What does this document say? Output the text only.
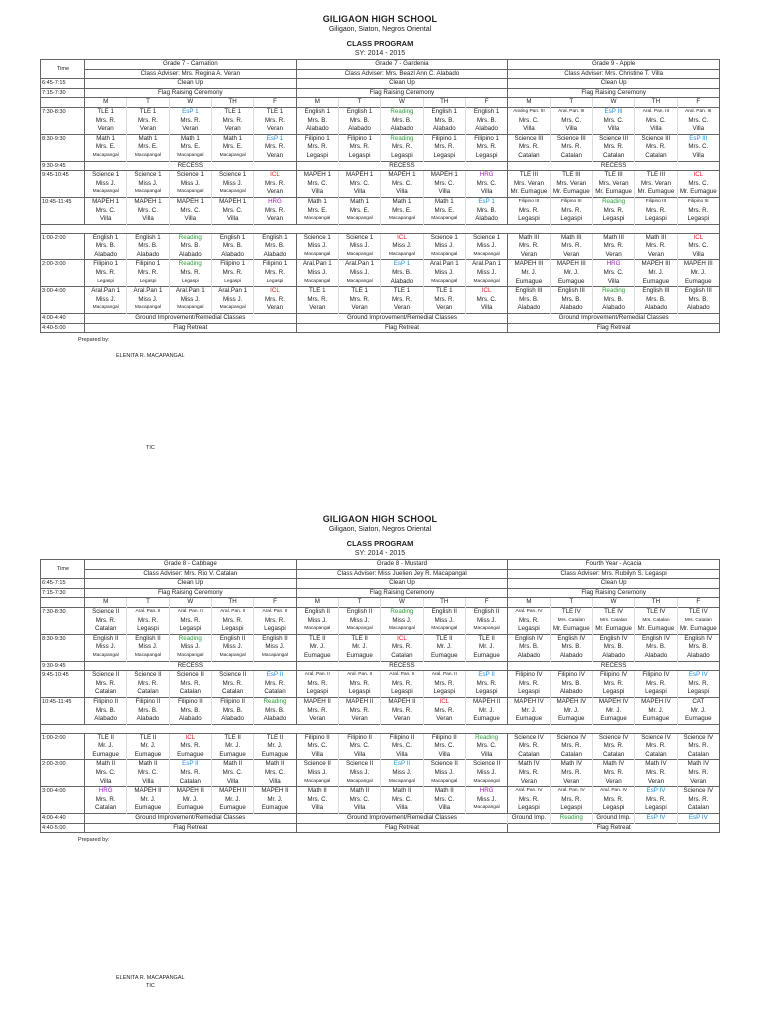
GILIGAON HIGH SCHOOL
Giligaon, Siaton, Negros Oriental
CLASS PROGRAM
SY: 2014 - 2015
Time	Grade 7 - Carnation					Grade 7 - Gardenia					Grade 9 - Apple				
	Class Adviser: Mrs. Regina A. Veran					Class Adviser: Mrs. Beazl Ann C. Alabado					Class Adviser: Mrs. Christine T. Villa				
6:45-7:15	Clean Up					Clean Up					Clean Up				
7:15-7:30	Flag Raising Ceremony					Flag Raising Ceremony					Flag Raising Ceremony				
	M	T	W	TH	F	M	T	W	TH	F	M	T	W	TH	F
7:30-8:30	TLE 1	TLE 1	EsP 1	TLE 1	TLE 1	English 1	English 1	Reading	English 1	English 1	Araling Pan. III	Aral. Pan. III	EsP III	Aral. Pan. III	Aral. Pan. III
	Mrs. R.	Mrs. R.	Mrs. R.	Mrs. R.	Mrs. R.	Mrs. B.	Mrs. B.	Mrs. B.	Mrs. B.	Mrs. B.	Mrs. C.	Mrs. C.	Mrs. C.	Mrs. C.	Mrs. C.
	Veran	Veran	Veran	Veran	Veran	Alabado	Alabado	Alabado	Alabado	Alabado	Villa	Villa	Villa	Villa	Villa
8:30-9:30	Math 1	Math 1	Math 1	Math 1	EsP 1	Filipino 1	Filipino 1	Reading	Filipino 1	Filipino 1	Science III	Science III	Science III	Science III	EsP III
	Mrs. E.	Mrs. E.	Mrs. E.	Mrs. E.	Mrs. R.	Mrs. R.	Mrs. R.	Mrs. R.	Mrs. R.	Mrs. R.	Mrs. R.	Mrs. R.	Mrs. R.	Mrs. R.	Mrs. C.
	Macapangal	Macapangal	Macapangal	Macapangal	Veran	Legaspi	Legaspi	Legaspi	Legaspi	Legaspi	Catalan	Catalan	Catalan	Catalan	Villa
9:30-9:45	RECESS					RECESS					RECESS				
9:45-10:45	Science 1	Science 1	Science 1	Science 1	ICL	MAPEH 1	MAPEH 1	MAPEH 1	MAPEH 1	HRG	TLE III	TLE III	TLE III	TLE III	ICL
	Miss J.	Miss J.	Miss J.	Miss J.	Mrs. R.	Mrs. C.	Mrs. C.	Mrs. C.	Mrs. C.	Mrs. C.	Mrs. Veran	Mrs. Veran	Mrs. Veran	Mrs. Veran	Mrs. C.
	Macapangal	Macapangal	Macapangal	Macapangal	Veran	Villa	Villa	Villa	Villa	Villa	Mr. Eumague	Mr. Eumague	Mr. Eumague	Mr. Eumague	Mr. Eumague
10:45-11:45	MAPEH 1	MAPEH 1	MAPEH 1	MAPEH 1	HRG	Math 1	Math 1	Math 1	Math 1	EsP 1	Filipino III	Filipino III	Reading	Filipino III	Filipino III
	Mrs. C.	Mrs. C.	Mrs. C.	Mrs. C.	Mrs. R.	Mrs. E.	Mrs. E.	Mrs. E.	Mrs. E.	Mrs. B.	Mrs. R.	Mrs. R.	Mrs. R.	Mrs. R.	Mrs. R.
	Villa	Villa	Villa	Villa	Veran	Macapangal	Macapangal	Macapangal	Macapangal	Alabado	Legaspi	Legaspi	Legaspi	Legaspi	Legaspi

1:00-2:00	English 1	English 1	Reading	English 1	English 1	Science 1	Science 1	ICL	Science 1	Science 1	Math III	Math III	Math III	Math III	ICL
	Mrs. B.	Mrs. B.	Mrs. B.	Mrs. B.	Mrs. B.	Miss J.	Miss J.	Miss J.	Miss J.	Miss J.	Mrs. R.	Mrs. R.	Mrs. R.	Mrs. R.	Mrs. C.
	Alabado	Alabado	Alabado	Alabado	Alabado	Macapangal	Macapangal	Macapangal	Macapangal	Macapangal	Veran	Veran	Veran	Veran	Villa
2:00-3:00	Filipino 1	Filipino 1	Reading	Filipino 1	Filipino 1	Aral.Pan 1	Aral.Pan 1	EsP 1	Aral.Pan 1	Aral.Pan 1	MAPEH III	MAPEH III	HRG	MAPEH III	MAPEH III
	Mrs. R.	Mrs. R.	Mrs. R.	Mrs. R.	Mrs. R.	Miss J.	Miss J.	Mrs. B.	Miss J.	Miss J.	Mr. J.	Mr. J.	Mrs. C.	Mr. J.	Mr. J.
	Legaspi	Legaspi	Legaspi	Legaspi	Legaspi	Macapangal	Macapangal	Alabado	Macapangal	Macapangal	Eumague	Eumague	Villa	Eumague	Eumague
3:00-4:00	Aral.Pan 1	Aral.Pan 1	Aral.Pan 1	Aral.Pan 1	ICL	TLE 1	TLE 1	TLE 1	TLE 1	ICL	English III	English III	Reading	English III	English III
	Miss J.	Miss J.	Miss J.	Miss J.	Mrs. R.	Mrs. R.	Mrs. R.	Mrs. R.	Mrs. R.	Mrs. C.	Mrs. B.	Mrs. B.	Mrs. B.	Mrs. B.	Mrs. B.
	Macapangal	Macapangal	Macapangal	Macapangal	Veran	Veran	Veran	Veran	Veran	Villa	Alabado	Alabado	Alabado	Alabado	Alabado
4:00-4:40	Ground Improvement/Remedial Classes					Ground Improvement/Remedial Classes					Ground Improvement/Remedial Classes				
4:40-5:00	Flag Retreat					Flag Retreat					Flag Retreat				
Prepared by:
ELENITA R. MACAPANGAL
TIC
GILIGAON HIGH SCHOOL
Giligaon, Siaton, Negros Oriental
CLASS PROGRAM
SY: 2014 - 2015
Time	Grade 8 - Cabbage					Grade 8 - Mustard					Fourth Year - Acacia				
	Class Adviser: Mrs. Rio V. Catalan					Class Adviser: Miss Juelien Jey R. Macapangal					Class Adviser: Mrs. Rubilyn S. Legaspi				
6:45-7:15	Clean Up					Clean Up					Clean Up				
7:15-7:30	Flag Raising Ceremony					Flag Raising Ceremony					Flag Raising Ceremony				
	M	T	W	TH	F	M	T	W	TH	F	M	T	W	TH	F
7:30-8:30	Science II	Aral. Pan. II	Aral. Pan. II	Aral. Pan. II	Aral. Pan. II	English II	English II	Reading	English II	English II	Aral. Pan. IV	TLE IV	TLE IV	TLE IV	TLE IV
	Mrs. R.	Mrs. R.	Mrs. R.	Mrs. R.	Mrs. R.	Miss J.	Miss J.	Miss J.	Miss J.	Miss J.	Mrs. R.	Mrs. Catalan	Mrs. Catalan	Mrs. Catalan	Mrs. Catalan
	Catalan	Legaspi	Legaspi	Legaspi	Legaspi	Macapangal	Macapangal	Macapangal	Macapangal	Macapangal	Legaspi	Mr. Eumague	Mr. Eumague	Mr. Eumague	Mr. Eumague
8:30-9:30	English II	English II	Reading	English II	English II	TLE II	TLE II	ICL	TLE II	TLE II	English IV	English IV	English IV	English IV	English IV
	Miss J.	Miss J.	Miss J.	Miss J.	Miss J.	Mr. J.	Mr. J.	Mrs. R.	Mr. J.	Mr. J.	Mrs. B.	Mrs. B.	Mrs. B.	Mrs. B.	Mrs. B.
	Macapangal	Macapangal	Macapangal	Macapangal	Macapangal	Eumague	Eumague	Catalan	Eumague	Eumague	Alabado	Alabado	Alabado	Alabado	Alabado
9:30-9:45	RECESS					RECESS					RECESS				
9:45-10:45	Science II	Science II	Science II	Science II	EsP II	Aral. Pan. II	Aral. Pan. II	Aral. Pan. II	Aral. Pan. II	EsP II	Filipino IV	Filipino IV	Filipino IV	Filipino IV	EsP IV
	Mrs. R.	Mrs. R.	Mrs. R.	Mrs. R.	Mrs. R.	Mrs. R.	Mrs. R.	Mrs. R.	Mrs. R.	Mrs. R.	Mrs. R.	Mrs. B.	Mrs. R.	Mrs. R.	Mrs. R.
	Catalan	Catalan	Catalan	Catalan	Catalan	Legaspi	Legaspi	Legaspi	Legaspi	Legaspi	Legaspi	Alabado	Legaspi	Legaspi	Legaspi
10:45-11:45	Filipino II	Filipino II	Filipino II	Filipino II	Reading	MAPEH II	MAPEH II	MAPEH II	ICL	MAPEH II	MAPEH IV	MAPEH IV	MAPEH IV	MAPEH IV	CAT
	Mrs. B.	Mrs. B.	Mrs. B.	Mrs. B.	Mrs. B.	Mrs. R.	Mrs. R.	Mrs. R.	Mrs. R.	Mr. J.	Mr. J.	Mr. J.	Mr. J.	Mr. J.	Mr. J.
	Alabado	Alabado	Alabado	Alabado	Alabado	Veran	Veran	Veran	Veran	Eumague	Eumague	Eumague	Eumague	Eumague	Eumague

1:00-2:00	TLE II	TLE II	ICL	TLE II	TLE II	Filipino II	Filipino II	Filipino II	Filipino II	Reading	Science IV	Science IV	Science IV	Science IV	Science IV
	Mr. J.	Mr. J.	Mrs. R.	Mr. J.	Mr. J.	Mrs. C.	Mrs. C.	Mrs. C.	Mrs. C.	Mrs. C.	Mrs. R.	Mrs. R.	Mrs. R.	Mrs. R.	Mrs. R.
	Eumague	Eumague	Eumague	Eumague	Eumague	Villa	Villa	Villa	Villa	Villa	Catalan	Catalan	Catalan	Catalan	Catalan
2:00-3:00	Math II	Math II	EsP II	Math II	Math II	Science II	Science II	EsP II	Science II	Science II	Math IV	Math IV	Math IV	Math IV	Math IV
	Mrs. C.	Mrs. C.	Mrs. R.	Mrs. C.	Mrs. C.	Miss J.	Miss J.	Miss J.	Miss J.	Miss J.	Mrs. R.	Mrs. R.	Mrs. R.	Mrs. R.	Mrs. R.
	Villa	Villa	Catalan	Villa	Villa	Macapangal	Macapangal	Macapangal	Macapangal	Macapangal	Veran	Veran	Veran	Veran	Veran
3:00-4:00	HRG	MAPEH II	MAPEH II	MAPEH II	MAPEH II	Math II	Math II	Math II	Math II	HRG	Aral. Pan. IV	Aral. Pan. IV	Aral. Pan. IV	EsP IV	Science IV
	Mrs. R.	Mr. J.	Mr. J.	Mr. J.	Mr. J.	Mrs. C.	Mrs. C.	Mrs. C.	Mrs. C.	Miss J.	Mrs. R.	Mrs. R.	Mrs. R.	Mrs. R.	Mrs. R.
	Catalan	Eumague	Eumague	Eumague	Eumague	Villa	Villa	Villa	Villa	Macapangal	Legaspi	Legaspi	Legaspi	Legaspi	Catalan
4:00-4:40	Ground Improvement/Remedial Classes					Ground Improvement/Remedial Classes					Ground Imp.	Reading	Ground Imp.	EsP IV	EsP IV
4:40-5:00	Flag Retreat					Flag Retreat					Flag Retreat				
Prepared by:
ELENITA R. MACAPANGAL
TIC
